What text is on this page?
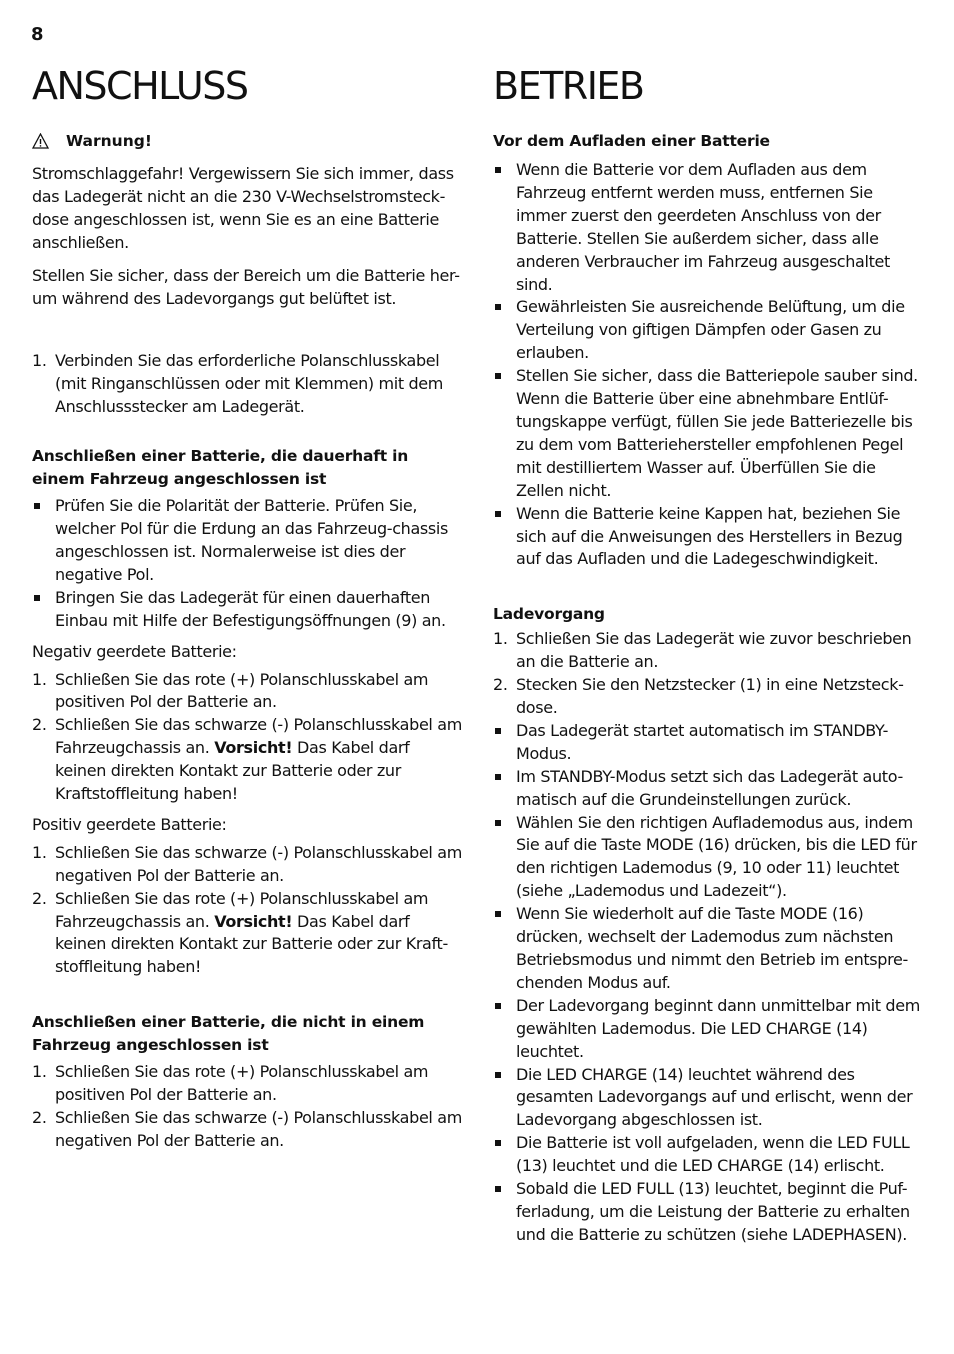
8
ANSCHLUSS
Warnung!

Stromschlaggefahr! Vergewissern Sie sich immer, dass das Ladegerät nicht an die 230 V-Wechselstromsteck-dose angeschlossen ist, wenn Sie es an eine Batterie anschließen.

Stellen Sie sicher, dass der Bereich um die Batterie her-um während des Ladevorgangs gut belüftet ist.

1. Verbinden Sie das erforderliche Polanschlusskabel (mit Ringanschlüssen oder mit Klemmen) mit dem Anschlussstecker am Ladegerät.

Anschließen einer Batterie, die dauerhaft in einem Fahrzeug angeschlossen ist

Prüfen Sie die Polarität der Batterie. Prüfen Sie, welcher Pol für die Erdung an das Fahrzeug-chassis angeschlossen ist. Normalerweise ist dies der negative Pol.
Bringen Sie das Ladegerät für einen dauerhaften Einbau mit Hilfe der Befestigungsöffnungen (9) an.

Negativ geerdete Batterie:

1. Schließen Sie das rote (+) Polanschlusskabel am positiven Pol der Batterie an.
2. Schließen Sie das schwarze (-) Polanschlusskabel am Fahrzeugchassis an. Vorsicht! Das Kabel darf keinen direkten Kontakt zur Batterie oder zur Kraftstoffleitung haben!

Positiv geerdete Batterie:

1. Schließen Sie das schwarze (-) Polanschlusskabel am negativen Pol der Batterie an.
2. Schließen Sie das rote (+) Polanschlusskabel am Fahrzeugchassis an. Vorsicht! Das Kabel darf keinen direkten Kontakt zur Batterie oder zur Kraft-stoffleitung haben!

Anschließen einer Batterie, die nicht in einem Fahrzeug angeschlossen ist

1. Schließen Sie das rote (+) Polanschlusskabel am positiven Pol der Batterie an.
2. Schließen Sie das schwarze (-) Polanschlusskabel am negativen Pol der Batterie an.
BETRIEB

Vor dem Aufladen einer Batterie

Wenn die Batterie vor dem Aufladen aus dem Fahrzeug entfernt werden muss, entfernen Sie immer zuerst den geerdeten Anschluss von der Batterie. Stellen Sie außerdem sicher, dass alle anderen Verbraucher im Fahrzeug ausgeschaltet sind.
Gewährleisten Sie ausreichende Belüftung, um die Verteilung von giftigen Dämpfen oder Gasen zu erlauben.
Stellen Sie sicher, dass die Batteriepole sauber sind. Wenn die Batterie über eine abnehmbare Entlüf-tungskappe verfügt, füllen Sie jede Batteriezelle bis zu dem vom Batteriehersteller empfohlenen Pegel mit destilliertem Wasser auf. Überfüllen Sie die Zellen nicht.
Wenn die Batterie keine Kappen hat, beziehen Sie sich auf die Anweisungen des Herstellers in Bezug auf das Aufladen und die Ladegeschwindigkeit.

Ladevorgang

1. Schließen Sie das Ladegerät wie zuvor beschrieben an die Batterie an.
2. Stecken Sie den Netzstecker (1) in eine Netzsteck-dose.
Das Ladegerät startet automatisch im STANDBY-Modus.
Im STANDBY-Modus setzt sich das Ladegerät auto-matisch auf die Grundeinstellungen zurück.
Wählen Sie den richtigen Auflademodus aus, indem Sie auf die Taste MODE (16) drücken, bis die LED für den richtigen Lademodus (9, 10 oder 11) leuchtet (siehe „Lademodus und Ladezeit“).
Wenn Sie wiederholt auf die Taste MODE (16) drücken, wechselt der Lademodus zum nächsten Betriebsmodus und nimmt den Betrieb im entspre-chenden Modus auf.
Der Ladevorgang beginnt dann unmittelbar mit dem gewählten Lademodus. Die LED CHARGE (14) leuchtet.
Die LED CHARGE (14) leuchtet während des gesamten Ladevorgangs auf und erlischt, wenn der Ladevorgang abgeschlossen ist.
Die Batterie ist voll aufgeladen, wenn die LED FULL (13) leuchtet und die LED CHARGE (14) erlischt.
Sobald die LED FULL (13) leuchtet, beginnt die Puf-ferladung, um die Leistung der Batterie zu erhalten und die Batterie zu schützen (siehe LADEPHASEN).
